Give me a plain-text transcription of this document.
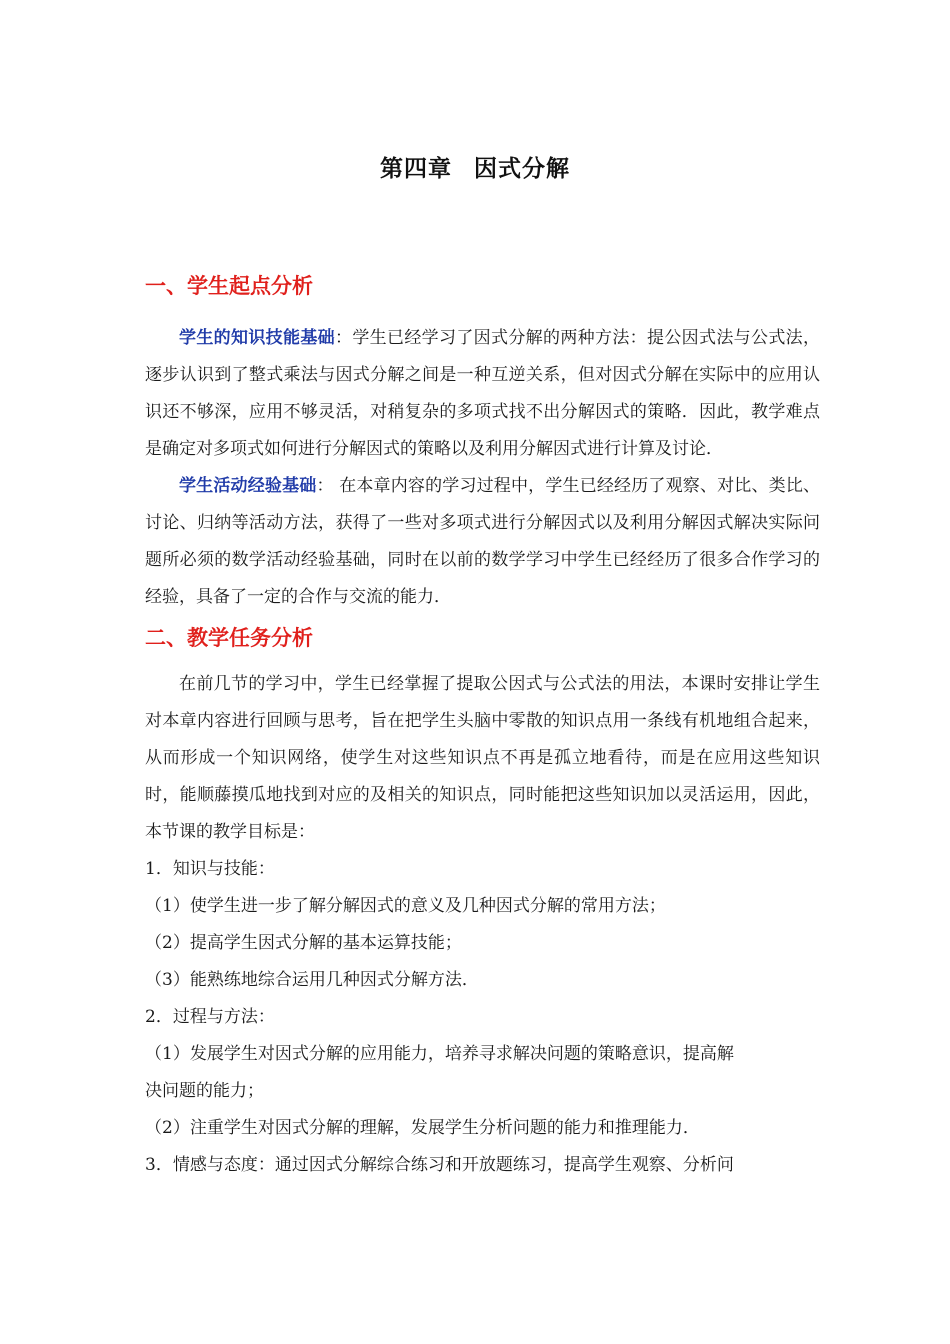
第四章 因式分解
一、学生起点分析

学生的知识技能基础：学生已经学习了因式分解的两种方法：提公因式法与公式法，逐步认识到了整式乘法与因式分解之间是一种互逆关系，但对因式分解在实际中的应用认识还不够深，应用不够灵活，对稍复杂的多项式找不出分解因式的策略．因此，教学难点是确定对多项式如何进行分解因式的策略以及利用分解因式进行计算及讨论．

学生活动经验基础： 在本章内容的学习过程中，学生已经经历了观察、对比、类比、讨论、归纳等活动方法，获得了一些对多项式进行分解因式以及利用分解因式解决实际问题所必须的数学活动经验基础，同时在以前的数学学习中学生已经经历了很多合作学习的经验，具备了一定的合作与交流的能力．

二、教学任务分析

在前几节的学习中，学生已经掌握了提取公因式与公式法的用法，本课时安排让学生对本章内容进行回顾与思考，旨在把学生头脑中零散的知识点用一条线有机地组合起来，从而形成一个知识网络，使学生对这些知识点不再是孤立地看待，而是在应用这些知识时，能顺藤摸瓜地找到对应的及相关的知识点，同时能把这些知识加以灵活运用，因此，本节课的教学目标是：

1．知识与技能：

（1）使学生进一步了解分解因式的意义及几种因式分解的常用方法；

（2）提高学生因式分解的基本运算技能；

（3）能熟练地综合运用几种因式分解方法．

2．过程与方法：

（1）发展学生对因式分解的应用能力，培养寻求解决问题的策略意识，提高解
决问题的能力；

（2）注重学生对因式分解的理解，发展学生分析问题的能力和推理能力．

3．情感与态度：通过因式分解综合练习和开放题练习，提高学生观察、分析问
